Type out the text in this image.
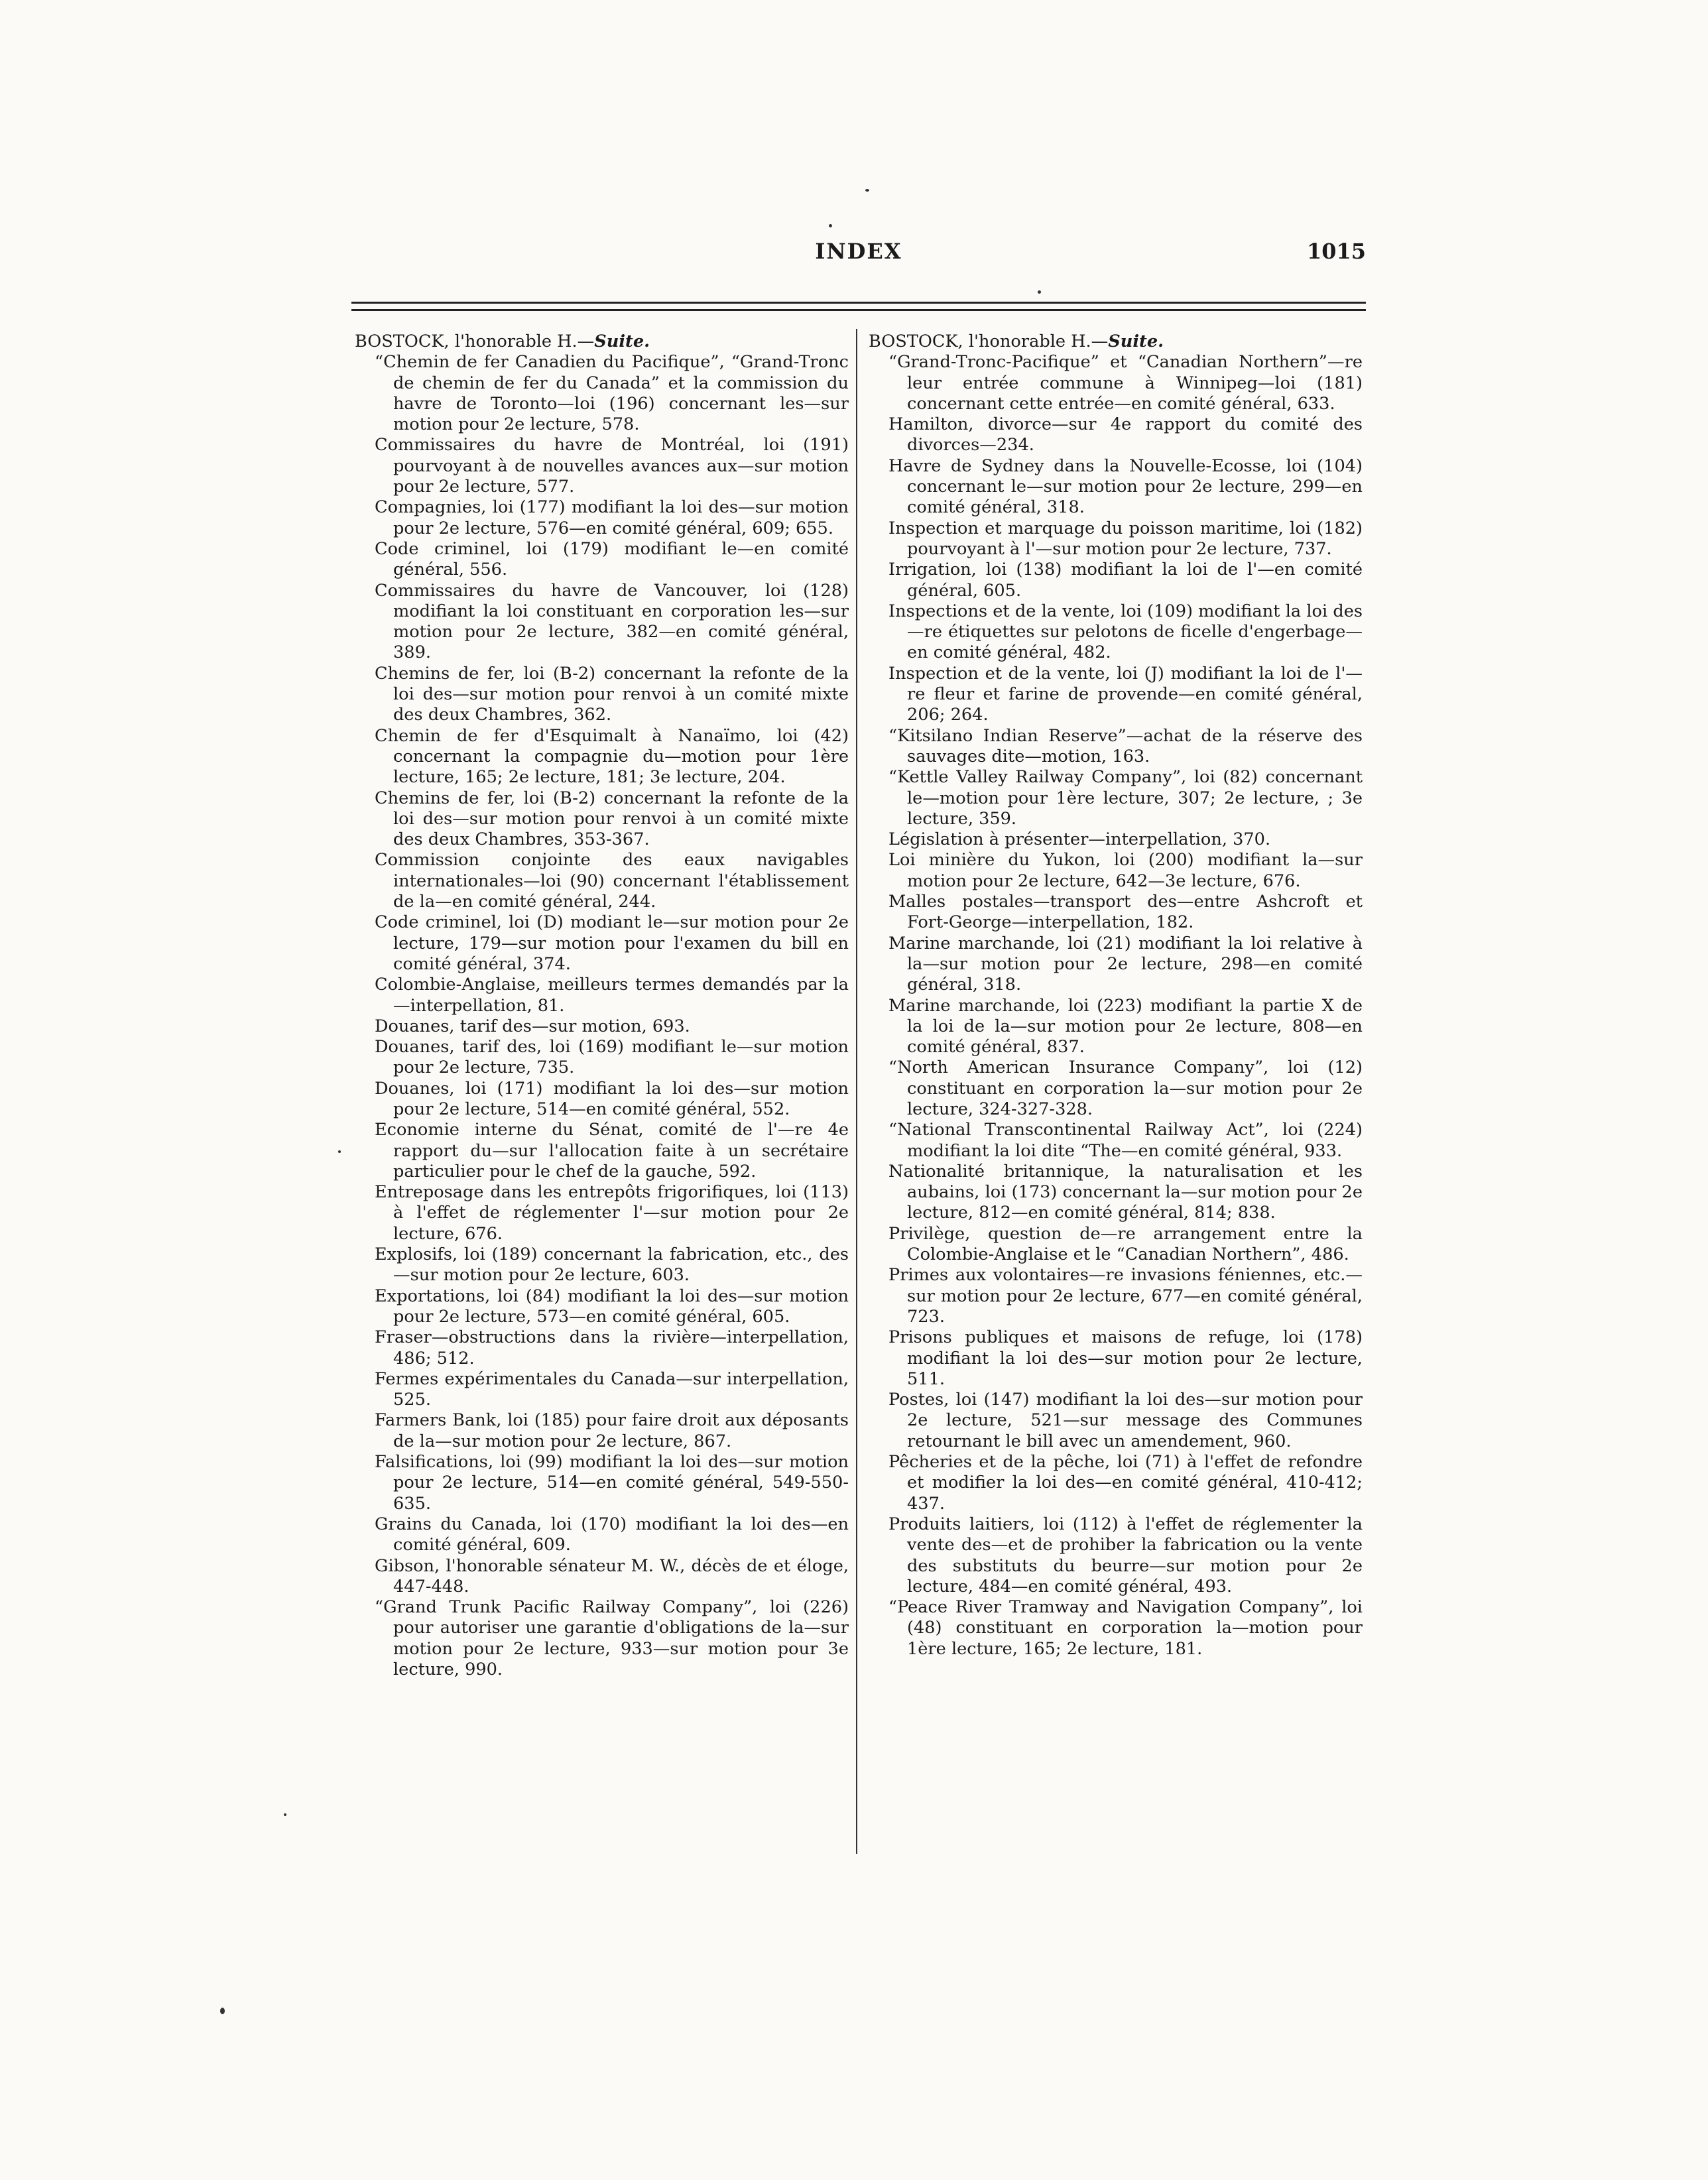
INDEX	1015
BOSTOCK, l'honorable H.—Suite.

“Chemin de fer Canadien du Pacifique”, “Grand-Tronc de chemin de fer du Canada” et la commission du havre de Toronto—loi (196) concernant les—sur motion pour 2e lecture, 578.

Commissaires du havre de Montréal, loi (191) pourvoyant à de nouvelles avances aux—sur motion pour 2e lecture, 577.

Compagnies, loi (177) modifiant la loi des—sur motion pour 2e lecture, 576—en comité général, 609; 655.

Code criminel, loi (179) modifiant le—en comité général, 556.

Commissaires du havre de Vancouver, loi (128) modifiant la loi constituant en corporation les—sur motion pour 2e lecture, 382—en comité général, 389.

Chemins de fer, loi (B-2) concernant la refonte de la loi des—sur motion pour renvoi à un comité mixte des deux Chambres, 362.

Chemin de fer d'Esquimalt à Nanaïmo, loi (42) concernant la compagnie du—motion pour 1ère lecture, 165; 2e lecture, 181; 3e lecture, 204.

Chemins de fer, loi (B-2) concernant la refonte de la loi des—sur motion pour renvoi à un comité mixte des deux Chambres, 353-367.

Commission conjointe des eaux navigables internationales—loi (90) concernant l'établissement de la—en comité général, 244.

Code criminel, loi (D) modiant le—sur motion pour 2e lecture, 179—sur motion pour l'examen du bill en comité général, 374.

Colombie-Anglaise, meilleurs termes demandés par la—interpellation, 81.

Douanes, tarif des—sur motion, 693.

Douanes, tarif des, loi (169) modifiant le—sur motion pour 2e lecture, 735.

Douanes, loi (171) modifiant la loi des—sur motion pour 2e lecture, 514—en comité général, 552.

Economie interne du Sénat, comité de l'—re 4e rapport du—sur l'allocation faite à un secrétaire particulier pour le chef de la gauche, 592.

Entreposage dans les entrepôts frigorifiques, loi (113) à l'effet de réglementer l'—sur motion pour 2e lecture, 676.

Explosifs, loi (189) concernant la fabrication, etc., des—sur motion pour 2e lecture, 603.

Exportations, loi (84) modifiant la loi des—sur motion pour 2e lecture, 573—en comité général, 605.

Fraser—obstructions dans la rivière—interpellation, 486; 512.

Fermes expérimentales du Canada—sur interpellation, 525.

Farmers Bank, loi (185) pour faire droit aux déposants de la—sur motion pour 2e lecture, 867.

Falsifications, loi (99) modifiant la loi des—sur motion pour 2e lecture, 514—en comité général, 549-550-635.

Grains du Canada, loi (170) modifiant la loi des—en comité général, 609.

Gibson, l'honorable sénateur M. W., décès de et éloge, 447-448.

“Grand Trunk Pacific Railway Company”, loi (226) pour autoriser une garantie d'obligations de la—sur motion pour 2e lecture, 933—sur motion pour 3e lecture, 990.

BOSTOCK, l'honorable H.—Suite.

“Grand-Tronc-Pacifique” et “Canadian Northern”—re leur entrée commune à Winnipeg—loi (181) concernant cette entrée—en comité général, 633.

Hamilton, divorce—sur 4e rapport du comité des divorces—234.

Havre de Sydney dans la Nouvelle-Ecosse, loi (104) concernant le—sur motion pour 2e lecture, 299—en comité général, 318.

Inspection et marquage du poisson maritime, loi (182) pourvoyant à l'—sur motion pour 2e lecture, 737.

Irrigation, loi (138) modifiant la loi de l'—en comité général, 605.

Inspections et de la vente, loi (109) modifiant la loi des—re étiquettes sur pelotons de ficelle d'engerbage—en comité général, 482.

Inspection et de la vente, loi (J) modifiant la loi de l'—re fleur et farine de provende—en comité général, 206; 264.

“Kitsilano Indian Reserve”—achat de la réserve des sauvages dite—motion, 163.

“Kettle Valley Railway Company”, loi (82) concernant le—motion pour 1ère lecture, 307; 2e lecture, ; 3e lecture, 359.

Législation à présenter—interpellation, 370.

Loi minière du Yukon, loi (200) modifiant la—sur motion pour 2e lecture, 642—3e lecture, 676.

Malles postales—transport des—entre Ashcroft et Fort-George—interpellation, 182.

Marine marchande, loi (21) modifiant la loi relative à la—sur motion pour 2e lecture, 298—en comité général, 318.

Marine marchande, loi (223) modifiant la partie X de la loi de la—sur motion pour 2e lecture, 808—en comité général, 837.

“North American Insurance Company”, loi (12) constituant en corporation la—sur motion pour 2e lecture, 324-327-328.

“National Transcontinental Railway Act”, loi (224) modifiant la loi dite “The—en comité général, 933.

Nationalité britannique, la naturalisation et les aubains, loi (173) concernant la—sur motion pour 2e lecture, 812—en comité général, 814; 838.

Privilège, question de—re arrangement entre la Colombie-Anglaise et le “Canadian Northern”, 486.

Primes aux volontaires—re invasions féniennes, etc.—sur motion pour 2e lecture, 677—en comité général, 723.

Prisons publiques et maisons de refuge, loi (178) modifiant la loi des—sur motion pour 2e lecture, 511.

Postes, loi (147) modifiant la loi des—sur motion pour 2e lecture, 521—sur message des Communes retournant le bill avec un amendement, 960.

Pêcheries et de la pêche, loi (71) à l'effet de refondre et modifier la loi des—en comité général, 410-412; 437.

Produits laitiers, loi (112) à l'effet de réglementer la vente des—et de prohiber la fabrication ou la vente des substituts du beurre—sur motion pour 2e lecture, 484—en comité général, 493.

“Peace River Tramway and Navigation Company”, loi (48) constituant en corporation la—motion pour 1ère lecture, 165; 2e lecture, 181.
